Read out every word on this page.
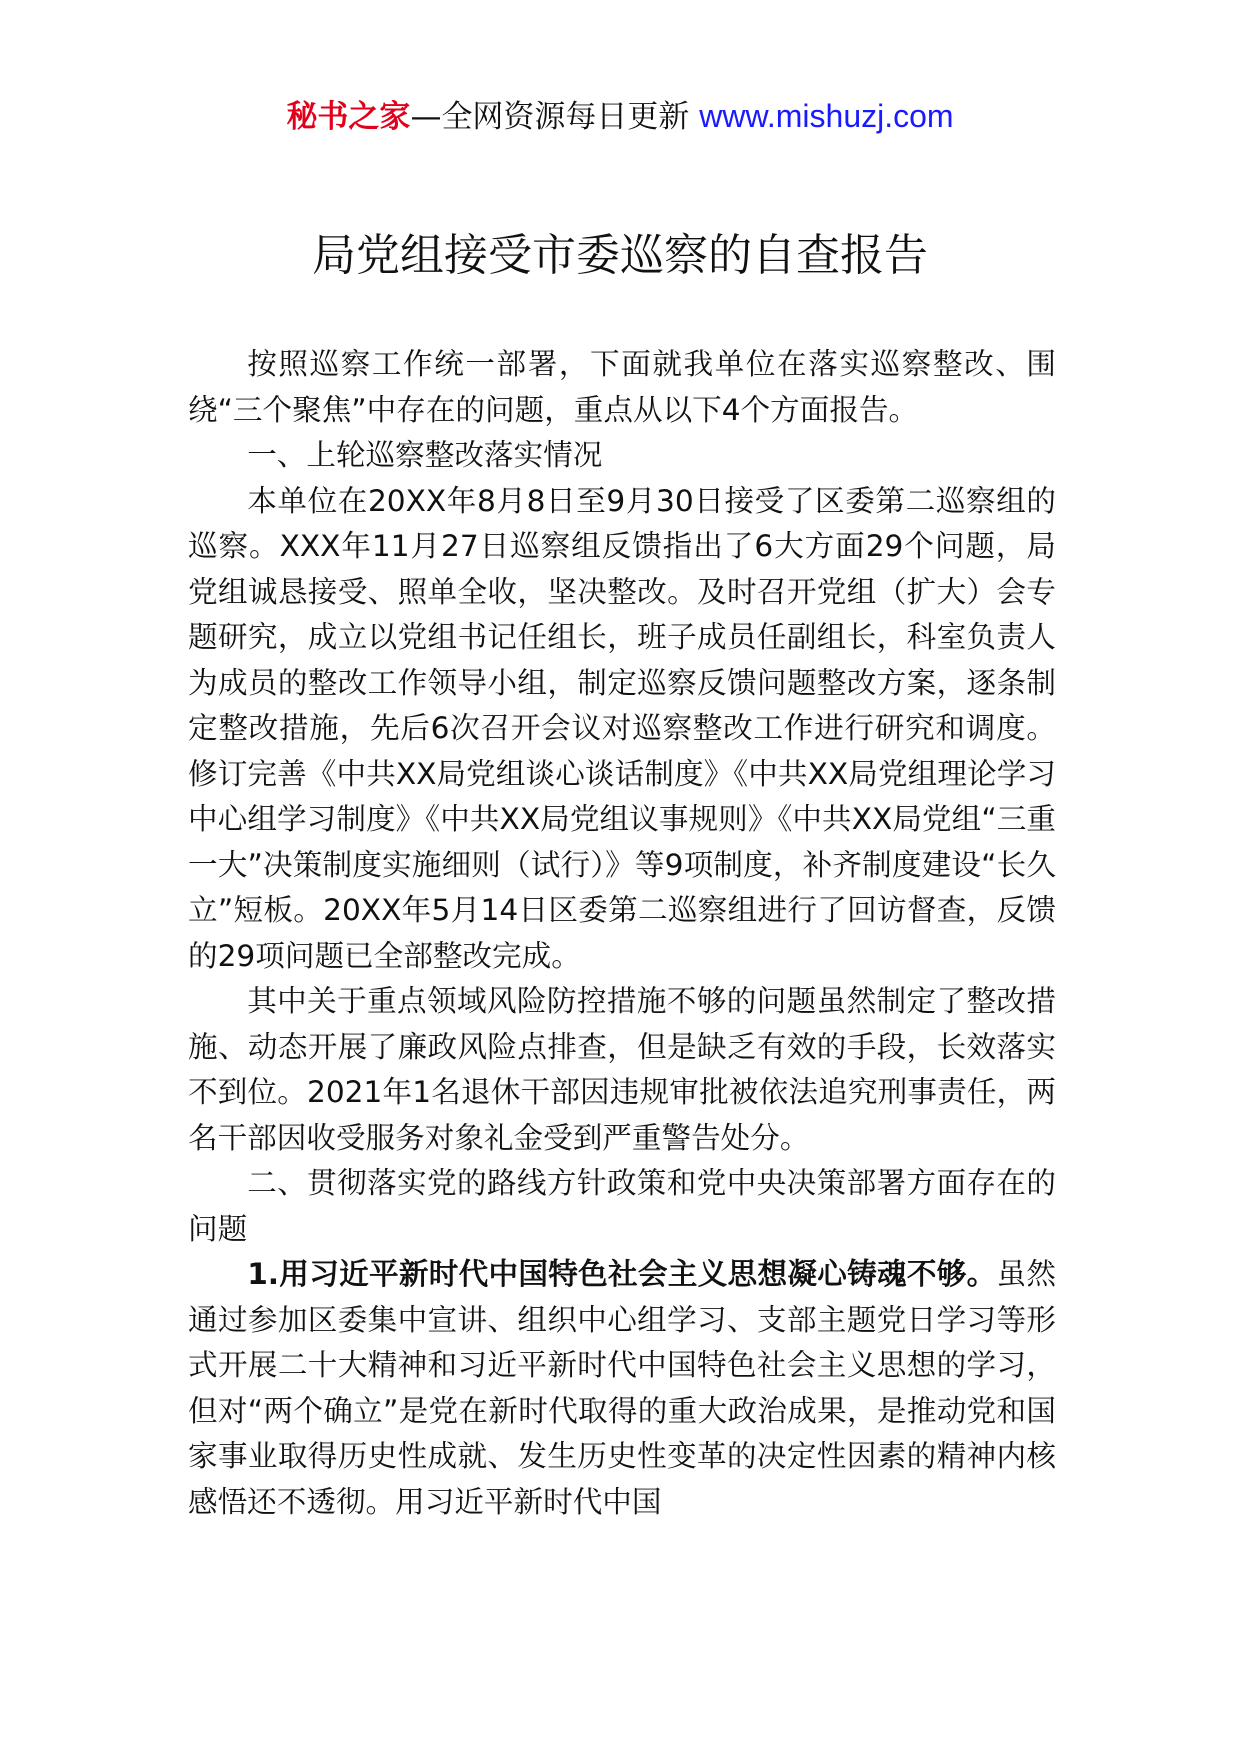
秘书之家—全网资源每日更新 www.mishuzj.com
局党组接受市委巡察的自查报告

按照巡察工作统一部署，下面就我单位在落实巡察整改、围绕“三个聚焦”中存在的问题，重点从以下4个方面报告。

一、上轮巡察整改落实情况

本单位在20XX年8月8日至9月30日接受了区委第二巡察组的巡察。XXX年11月27日巡察组反馈指出了6大方面29个问题，局党组诚恳接受、照单全收，坚决整改。及时召开党组（扩大）会专题研究，成立以党组书记任组长，班子成员任副组长，科室负责人为成员的整改工作领导小组，制定巡察反馈问题整改方案，逐条制定整改措施，先后6次召开会议对巡察整改工作进行研究和调度。修订完善《中共XX局党组谈心谈话制度》《中共XX局党组理论学习中心组学习制度》《中共XX局党组议事规则》《中共XX局党组“三重一大”决策制度实施细则（试行）》等9项制度，补齐制度建设“长久立”短板。20XX年5月14日区委第二巡察组进行了回访督查，反馈的29项问题已全部整改完成。

其中关于重点领域风险防控措施不够的问题虽然制定了整改措施、动态开展了廉政风险点排查，但是缺乏有效的手段，长效落实不到位。2021年1名退休干部因违规审批被依法追究刑事责任，两名干部因收受服务对象礼金受到严重警告处分。

二、贯彻落实党的路线方针政策和党中央决策部署方面存在的问题

1.用习近平新时代中国特色社会主义思想凝心铸魂不够。虽然通过参加区委集中宣讲、组织中心组学习、支部主题党日学习等形式开展二十大精神和习近平新时代中国特色社会主义思想的学习，但对“两个确立”是党在新时代取得的重大政治成果，是推动党和国家事业取得历史性成就、发生历史性变革的决定性因素的精神内核感悟还不透彻。用习近平新时代中国
